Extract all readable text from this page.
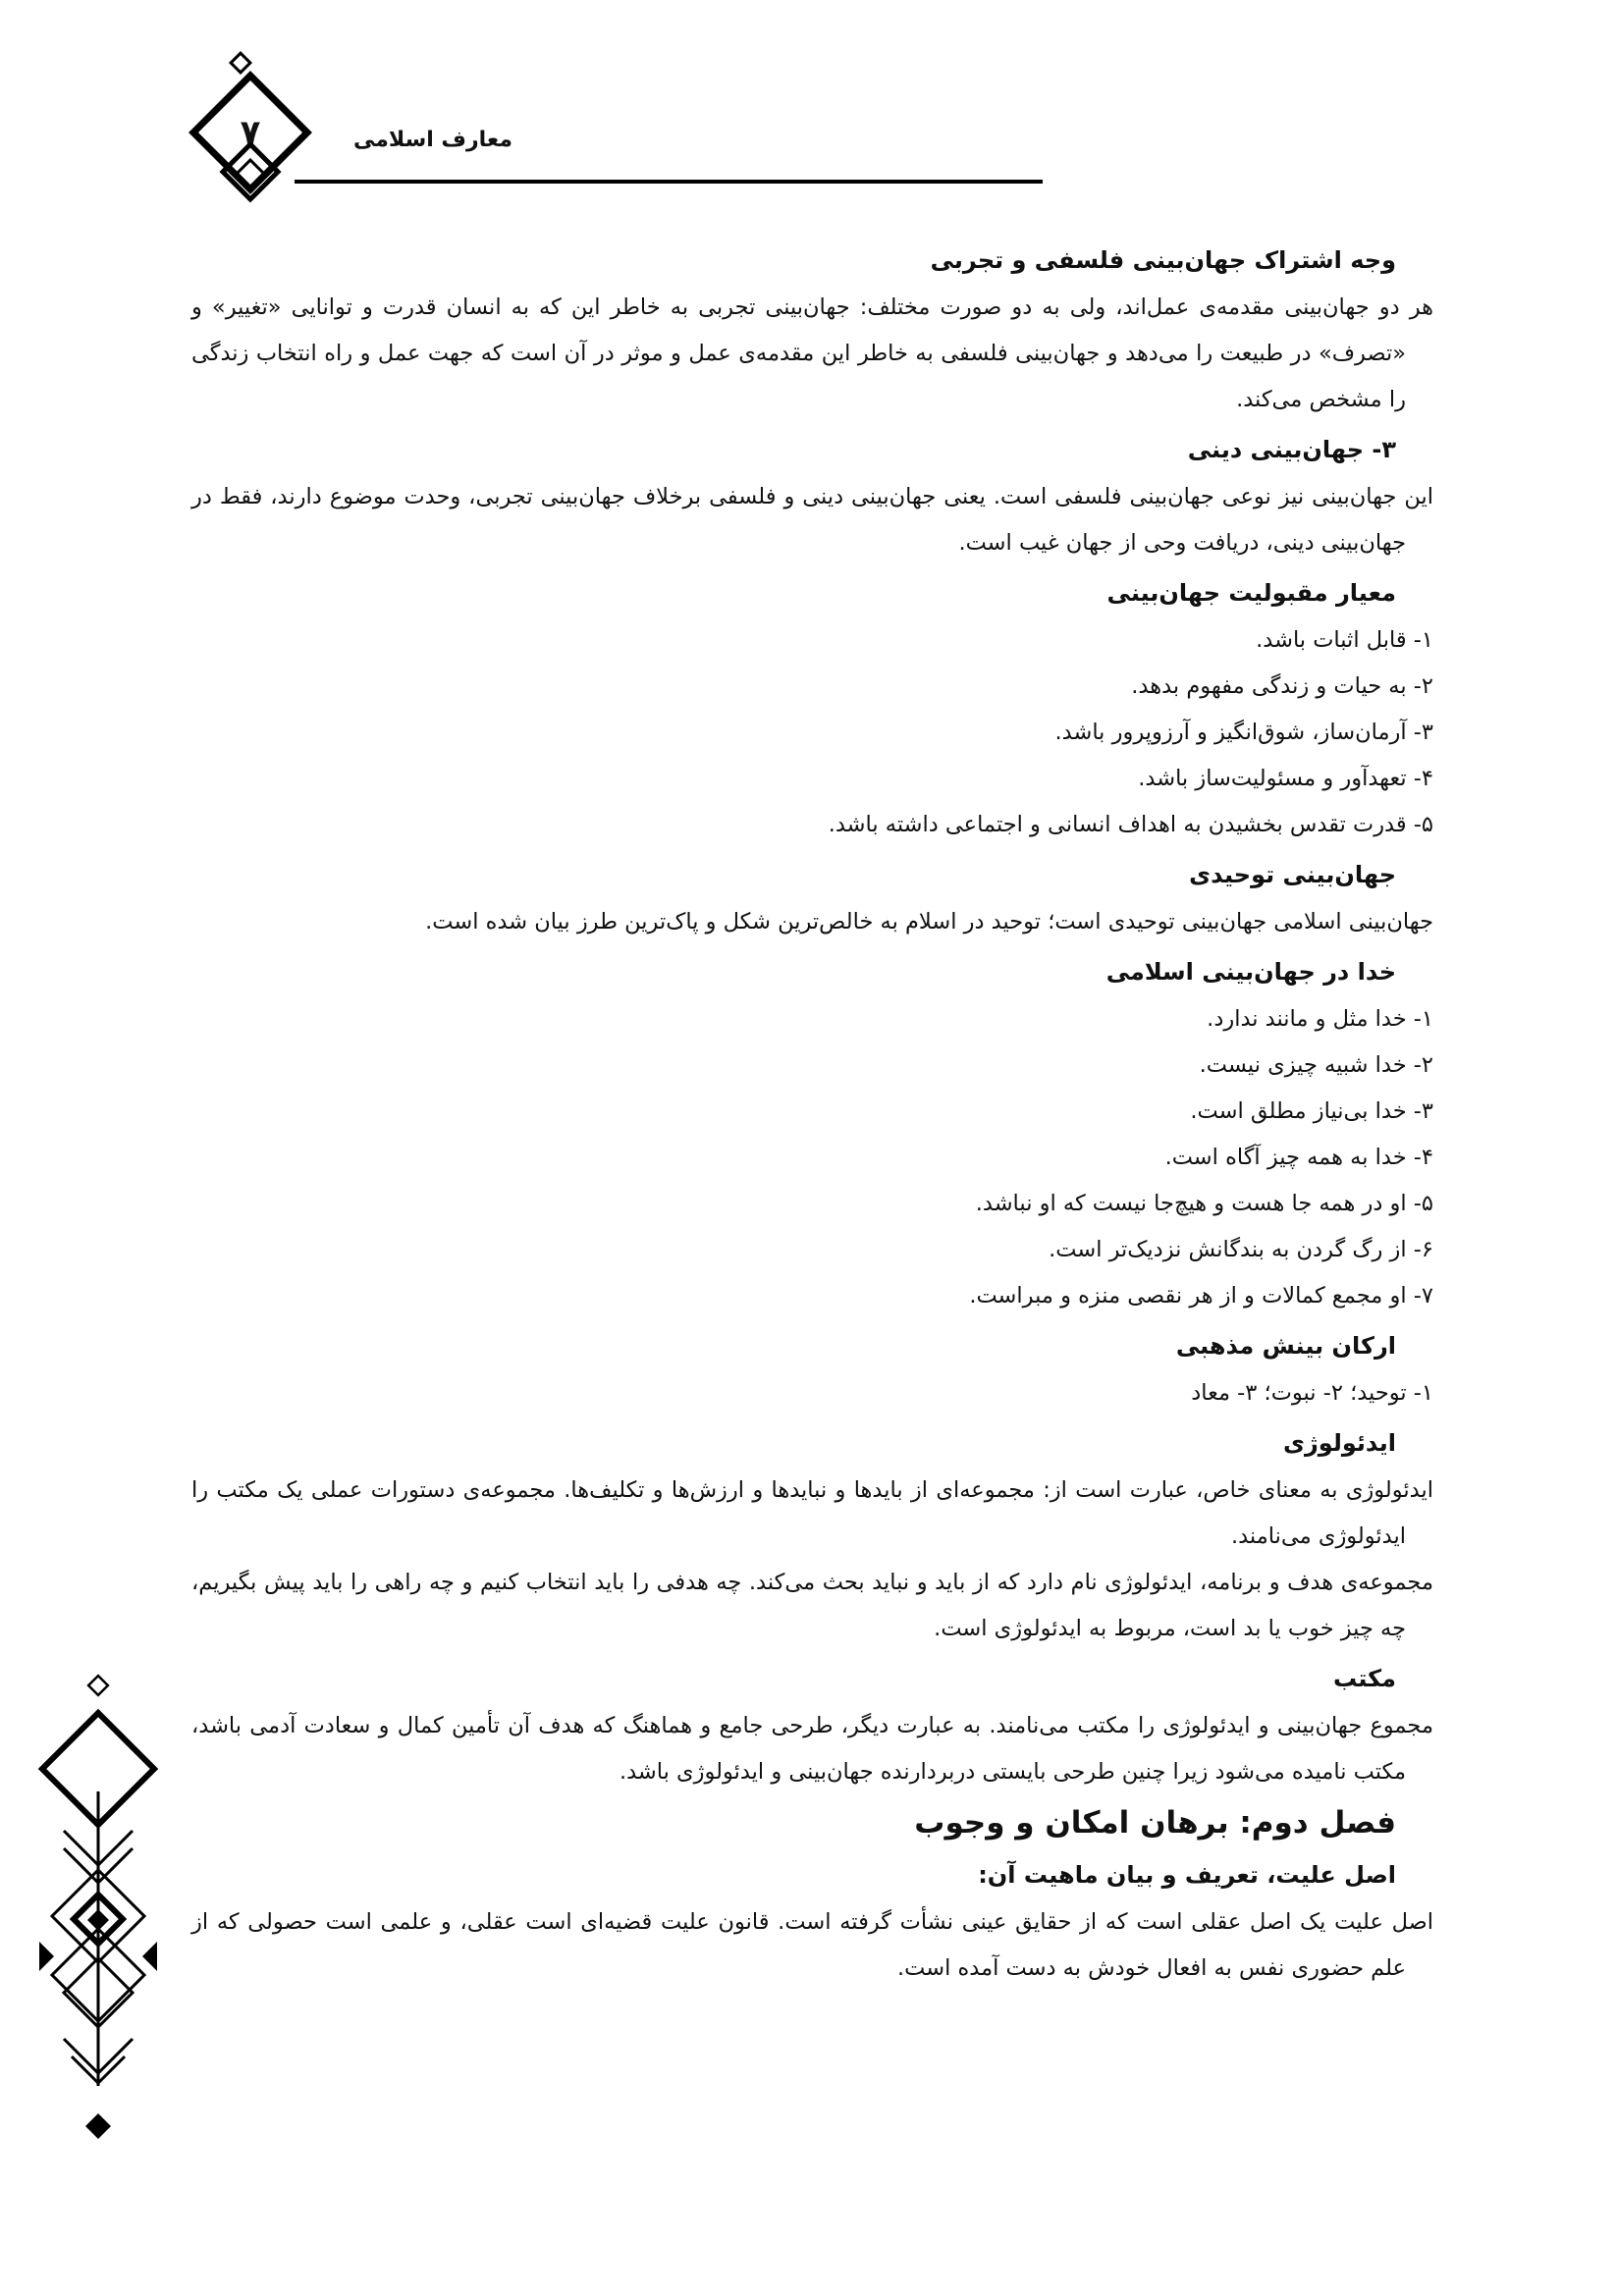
۷	معارف اسلامی

وجه اشتراک جهان‌بینی فلسفی و تجربی

هر دو جهان‌بینی مقدمه‌ی عمل‌اند، ولی به دو صورت مختلف: جهان‌بینی تجربی به خاطر این که به انسان قدرت و توانایی «تغییر» و «تصرف» در طبیعت را می‌دهد و جهان‌بینی فلسفی به خاطر این مقدمه‌ی عمل و موثر در آن است که جهت عمل و راه انتخاب زندگی را مشخص می‌کند.

۳- جهان‌بینی دینی

این جهان‌بینی نیز نوعی جهان‌بینی فلسفی است. یعنی جهان‌بینی دینی و فلسفی برخلاف جهان‌بینی تجربی، وحدت موضوع دارند، فقط در جهان‌بینی دینی، دریافت وحی از جهان غیب است.

معیار مقبولیت جهان‌بینی

۱- قابل اثبات باشد.

۲- به حیات و زندگی مفهوم بدهد.

۳- آرمان‌ساز، شوق‌انگیز و آرزوپرور باشد.

۴- تعهدآور و مسئولیت‌ساز باشد.

۵- قدرت تقدس بخشیدن به اهداف انسانی و اجتماعی داشته باشد.

جهان‌بینی توحیدی

جهان‌بینی اسلامی جهان‌بینی توحیدی است؛ توحید در اسلام به خالص‌ترین شکل و پاک‌ترین طرز بیان شده است.

خدا در جهان‌بینی اسلامی

۱- خدا مثل و مانند ندارد.

۲- خدا شبیه چیزی نیست.

۳- خدا بی‌نیاز مطلق است.

۴- خدا به همه چیز آگاه است.

۵- او در همه جا هست و هیچ‌جا نیست که او نباشد.

۶- از رگ گردن به بندگانش نزدیک‌تر است.

۷- او مجمع کمالات و از هر نقصی منزه و مبراست.

ارکان بینش مذهبی

۱- توحید؛ ۲- نبوت؛ ۳- معاد

ایدئولوژی

ایدئولوژی به معنای خاص، عبارت است از: مجموعه‌ای از بایدها و نبایدها و ارزش‌ها و تکلیف‌ها. مجموعه‌ی دستورات عملی یک مکتب را ایدئولوژی می‌نامند.

مجموعه‌ی هدف و برنامه، ایدئولوژی نام دارد که از باید و نباید بحث می‌کند. چه هدفی را باید انتخاب کنیم و چه راهی را باید پیش بگیریم، چه چیز خوب یا بد است، مربوط به ایدئولوژی است.

مکتب

مجموع جهان‌بینی و ایدئولوژی را مکتب می‌نامند. به عبارت دیگر، طرحی جامع و هماهنگ که هدف آن تأمین کمال و سعادت آدمی باشد، مکتب نامیده می‌شود زیرا چنین طرحی بایستی دربردارنده جهان‌بینی و ایدئولوژی باشد.

فصل دوم: برهان امکان و وجوب

اصل علیت، تعریف و بیان ماهیت آن:

اصل علیت یک اصل عقلی است که از حقایق عینی نشأت گرفته است. قانون علیت قضیه‌ای است عقلی، و علمی است حصولی که از علم حضوری نفس به افعال خودش به دست آمده است.
